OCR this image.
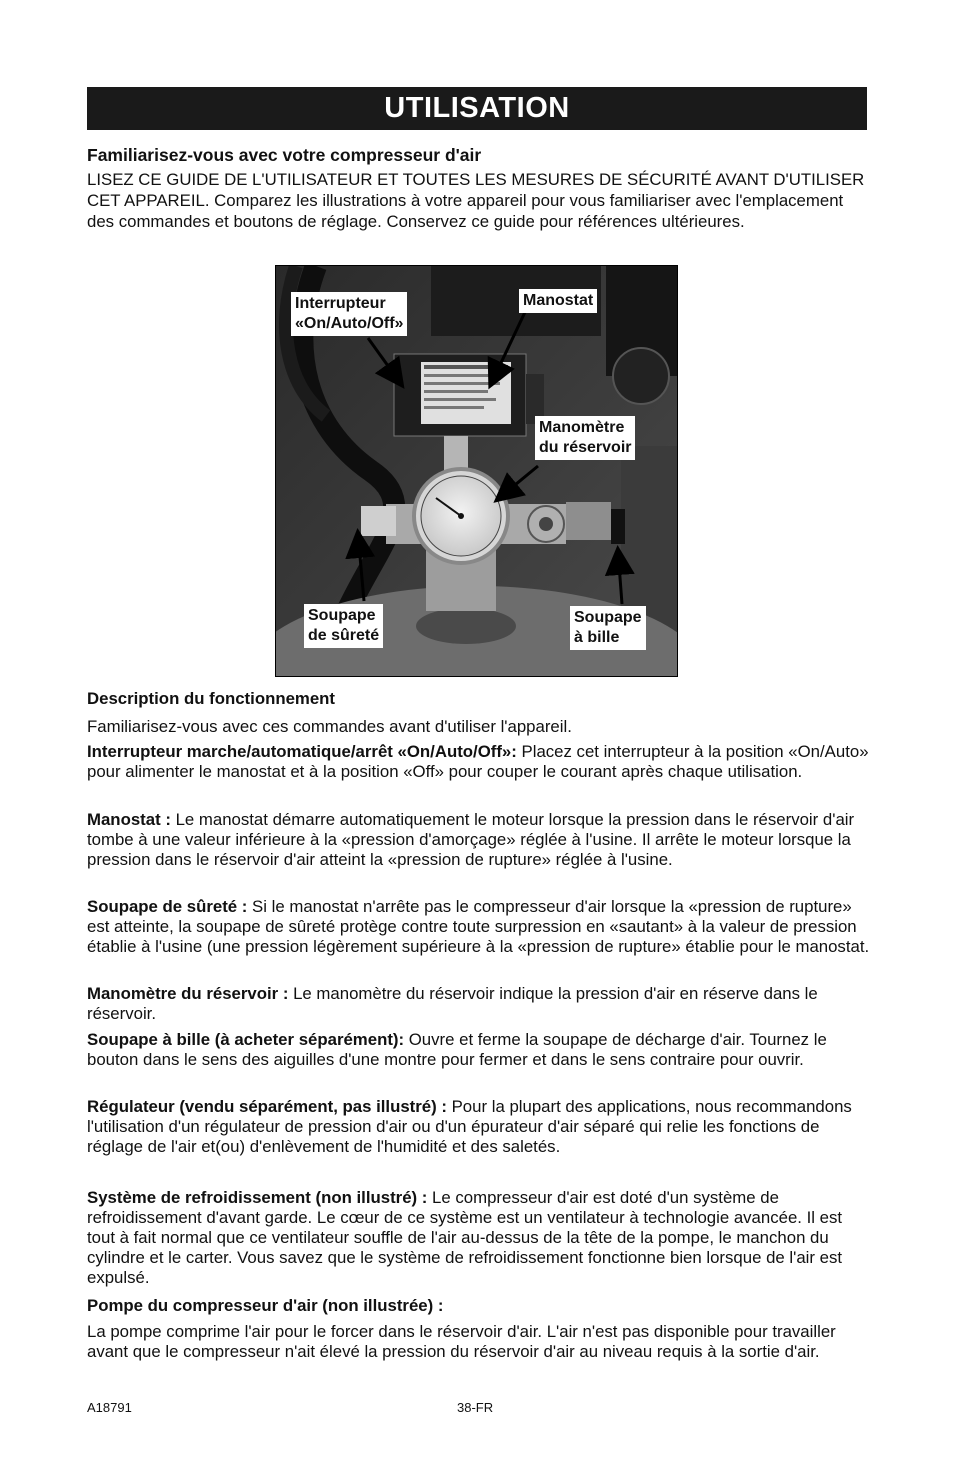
UTILISATION
Familiarisez-vous avec votre compresseur d'air
LISEZ CE GUIDE DE L'UTILISATEUR ET TOUTES LES MESURES DE SÉCURITÉ AVANT D'UTILISER CET APPAREIL. Comparez les illustrations à votre appareil pour vous familiariser avec l'emplacement des commandes et boutons de réglage. Conservez ce guide pour références ultérieures.
Interrupteur
«On/Auto/Off»
Manostat
Manomètre
du réservoir
Soupape
de sûreté
Soupape
à bille
Description du fonctionnement
Familiarisez-vous avec ces commandes avant d'utiliser l'appareil.
Interrupteur marche/automatique/arrêt «On/Auto/Off»: Placez cet interrupteur à la position «On/Auto» pour alimenter le manostat et à la position «Off» pour couper le courant après chaque utilisation.
Manostat : Le manostat démarre automatiquement le moteur lorsque la pression dans le réservoir d'air tombe à une valeur inférieure à la «pression d'amorçage» réglée à l'usine. Il arrête le moteur lorsque la pression dans le réservoir d'air atteint la «pression de rupture» réglée à l'usine.
Soupape de sûreté : Si le manostat n'arrête pas le compresseur d'air lorsque la «pression de rupture» est atteinte, la soupape de sûreté protège contre toute surpression en «sautant» à la valeur de pression établie à l'usine (une pression légèrement supérieure à la «pression de rupture» établie pour le manostat.
Manomètre du réservoir : Le manomètre du réservoir indique la pression d'air en réserve dans le réservoir.
Soupape à bille (à acheter séparément): Ouvre et ferme la soupape de décharge d'air. Tournez le bouton dans le sens des aiguilles d'une montre pour fermer et dans le sens contraire pour ouvrir.
Régulateur (vendu séparément, pas illustré) : Pour la plupart des applications, nous recommandons l'utilisation d'un régulateur de pression d'air ou d'un épurateur d'air séparé qui relie les fonctions de réglage de l'air et(ou) d'enlèvement de l'humidité et des saletés.
Système de refroidissement (non illustré) : Le compresseur d'air est doté d'un système de refroidissement d'avant garde. Le cœur de ce système est un ventilateur à technologie avancée. Il est tout à fait normal que ce ventilateur souffle de l'air au-dessus de la tête de la pompe, le manchon du cylindre et le carter. Vous savez que le système de refroidissement fonctionne bien lorsque de l'air est expulsé.
Pompe du compresseur d'air (non illustrée) :
La pompe comprime l'air pour le forcer dans le réservoir d'air. L'air n'est pas disponible pour travailler avant que le compresseur n'ait élevé la pression du réservoir d'air au niveau requis à la sortie d'air.
A18791	38-FR
